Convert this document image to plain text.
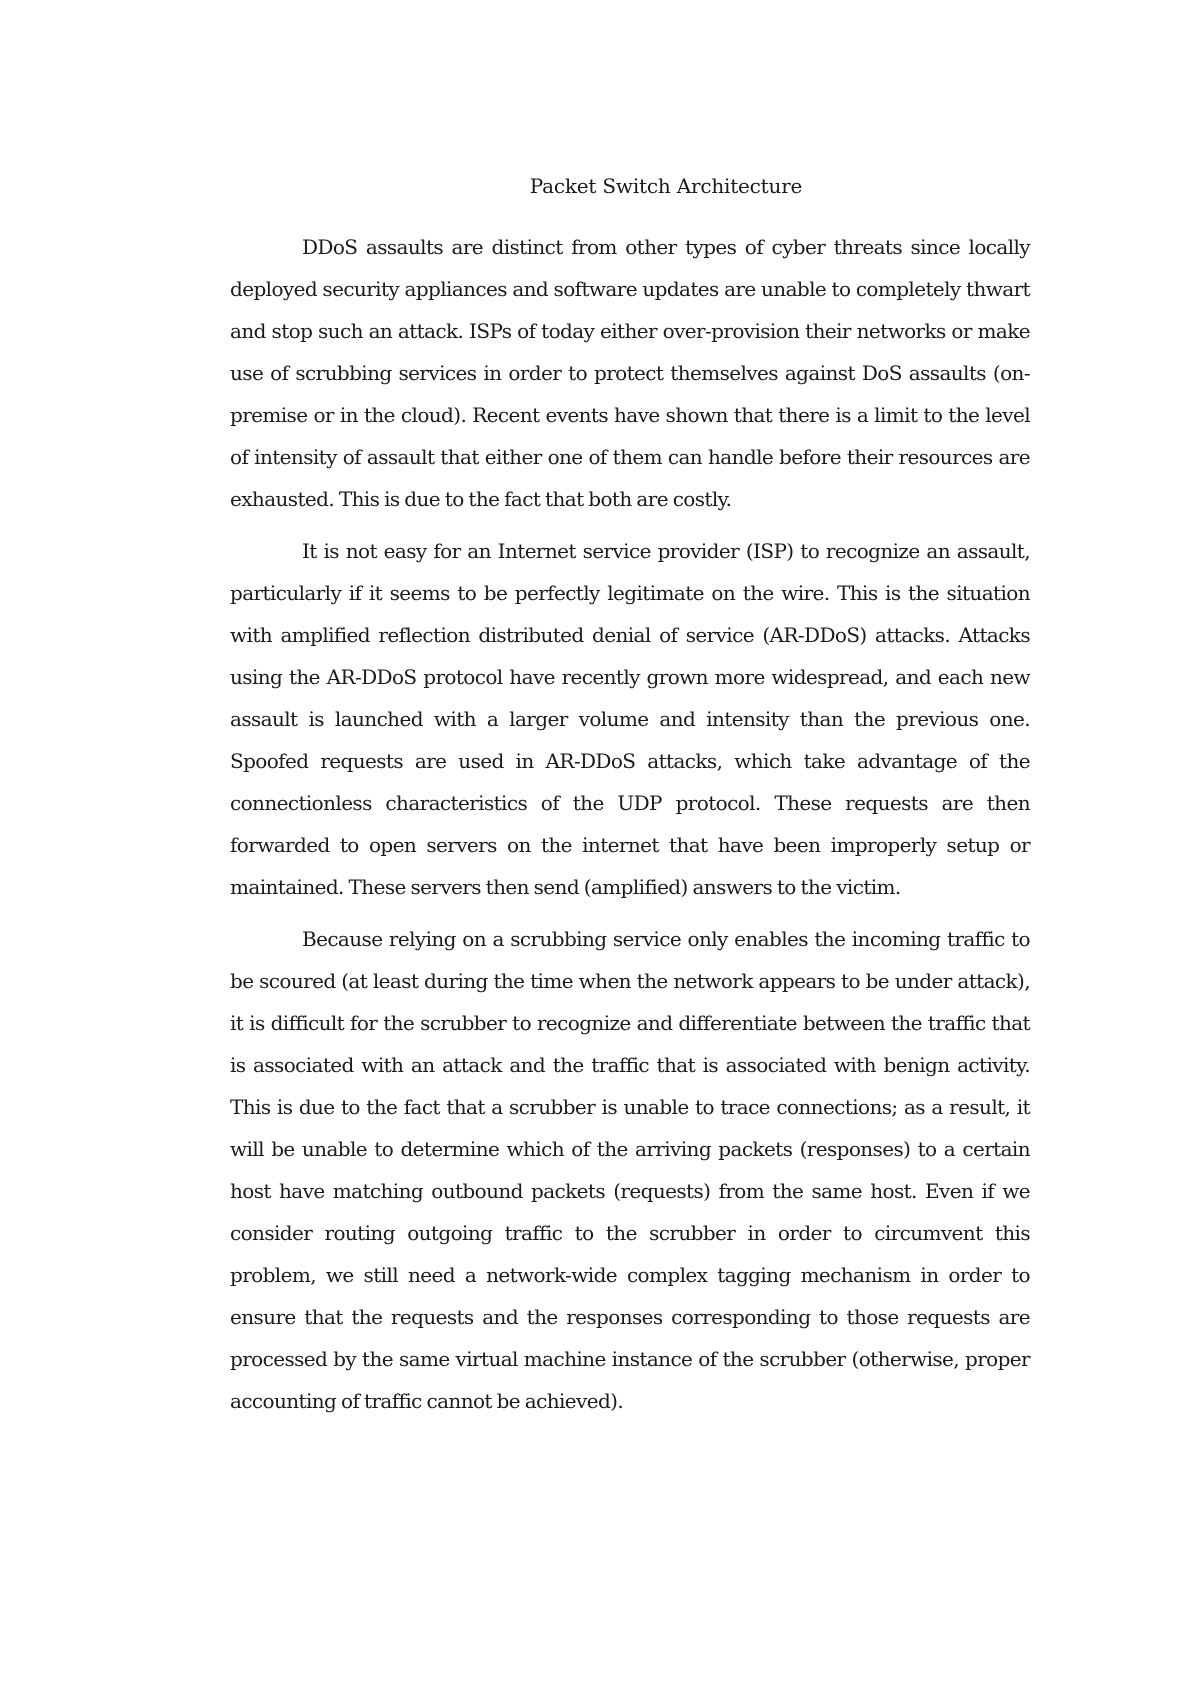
Packet Switch Architecture

DDoS assaults are distinct from other types of cyber threats since locally deployed security appliances and software updates are unable to completely thwart and stop such an attack. ISPs of today either over-provision their networks or make use of scrubbing services in order to protect themselves against DoS assaults (on-premise or in the cloud). Recent events have shown that there is a limit to the level of intensity of assault that either one of them can handle before their resources are exhausted. This is due to the fact that both are costly.

It is not easy for an Internet service provider (ISP) to recognize an assault, particularly if it seems to be perfectly legitimate on the wire. This is the situation with amplified reflection distributed denial of service (AR-DDoS) attacks. Attacks using the AR-DDoS protocol have recently grown more widespread, and each new assault is launched with a larger volume and intensity than the previous one. Spoofed requests are used in AR-DDoS attacks, which take advantage of the connectionless characteristics of the UDP protocol. These requests are then forwarded to open servers on the internet that have been improperly setup or maintained. These servers then send (amplified) answers to the victim.

Because relying on a scrubbing service only enables the incoming traffic to be scoured (at least during the time when the network appears to be under attack), it is difficult for the scrubber to recognize and differentiate between the traffic that is associated with an attack and the traffic that is associated with benign activity. This is due to the fact that a scrubber is unable to trace connections; as a result, it will be unable to determine which of the arriving packets (responses) to a certain host have matching outbound packets (requests) from the same host. Even if we consider routing outgoing traffic to the scrubber in order to circumvent this problem, we still need a network-wide complex tagging mechanism in order to ensure that the requests and the responses corresponding to those requests are processed by the same virtual machine instance of the scrubber (otherwise, proper accounting of traffic cannot be achieved).
